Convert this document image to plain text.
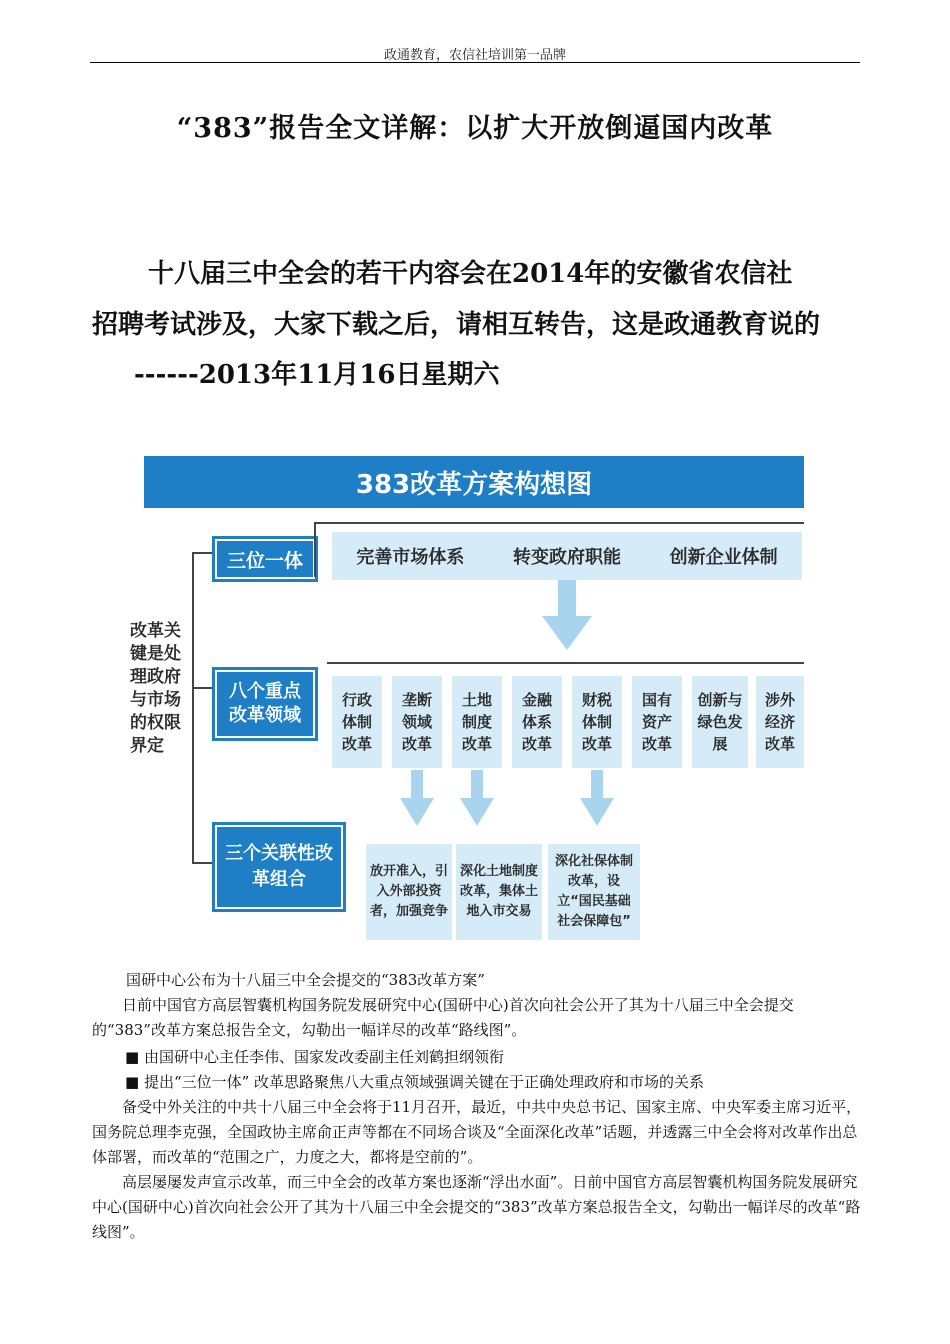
政通教育，农信社培训第一品牌
“383”报告全文详解：以扩大开放倒逼国内改革
十八届三中全会的若干内容会在2014年的安徽省农信社
招聘考试涉及，大家下载之后，请相互转告，这是政通教育说的
------2013年11月16日星期六
383改革方案构想图
改革关键是处理政府与市场的权限界定
三位一体	完善市场体系	转变政府职能	创新企业体制
八个重点改革领域
行政体制改革
垄断领域改革
土地制度改革
金融体系改革
财税体制改革
国有资产改革
创新与绿色发展
涉外经济改革
三个关联性改革组合	放开准入，引入外部投资者，加强竞争
深化土地制度改革，集体土地入市交易
深化社保体制改革，设立“国民基础社会保障包”
国研中心公布为十八届三中全会提交的“383改革方案”
日前中国官方高层智囊机构国务院发展研究中心(国研中心)首次向社会公开了其为十八届三中全会提交的“383”改革方案总报告全文，勾勒出一幅详尽的改革“路线图”。
■ 由国研中心主任李伟、国家发改委副主任刘鹤担纲领衔
■ 提出“三位一体” 改革思路聚焦八大重点领域强调关键在于正确处理政府和市场的关系
备受中外关注的中共十八届三中全会将于11月召开，最近，中共中央总书记、国家主席、中央军委主席习近平，国务院总理李克强，全国政协主席俞正声等都在不同场合谈及“全面深化改革”话题，并透露三中全会将对改革作出总体部署，而改革的“范围之广，力度之大，都将是空前的”。
高层屡屡发声宣示改革，而三中全会的改革方案也逐渐“浮出水面”。日前中国官方高层智囊机构国务院发展研究中心(国研中心)首次向社会公开了其为十八届三中全会提交的“383”改革方案总报告全文，勾勒出一幅详尽的改革“路线图”。
